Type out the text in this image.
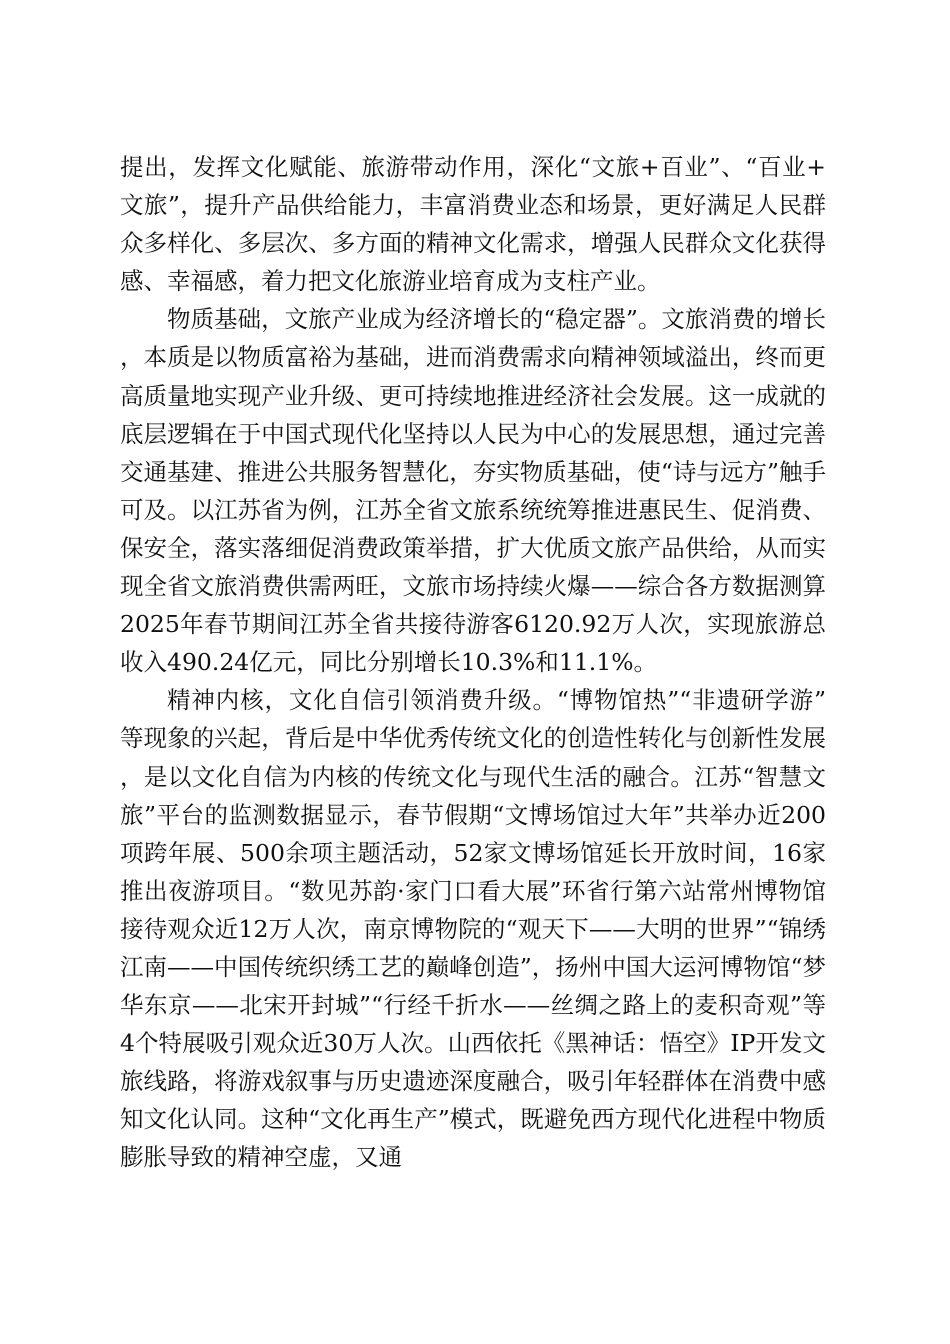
提出，发挥文化赋能、旅游带动作用，深化“文旅+百业”、“百业+文旅”，提升产品供给能力，丰富消费业态和场景，更好满足人民群众多样化、多层次、多方面的精神文化需求，增强人民群众文化获得感、幸福感，着力把文化旅游业培育成为支柱产业。

物质基础，文旅产业成为经济增长的“稳定器”。文旅消费的增长，本质是以物质富裕为基础，进而消费需求向精神领域溢出，终而更高质量地实现产业升级、更可持续地推进经济社会发展。这一成就的底层逻辑在于中国式现代化坚持以人民为中心的发展思想，通过完善交通基建、推进公共服务智慧化，夯实物质基础，使“诗与远方”触手可及。以江苏省为例，江苏全省文旅系统统筹推进惠民生、促消费、保安全，落实落细促消费政策举措，扩大优质文旅产品供给，从而实现全省文旅消费供需两旺，文旅市场持续火爆——综合各方数据测算2025年春节期间江苏全省共接待游客6120.92万人次，实现旅游总收入490.24亿元，同比分别增长10.3%和11.1%。

精神内核，文化自信引领消费升级。“博物馆热”“非遗研学游”等现象的兴起，背后是中华优秀传统文化的创造性转化与创新性发展，是以文化自信为内核的传统文化与现代生活的融合。江苏“智慧文旅”平台的监测数据显示，春节假期“文博场馆过大年”共举办近200项跨年展、500余项主题活动，52家文博场馆延长开放时间，16家推出夜游项目。“数见苏韵·家门口看大展”环省行第六站常州博物馆接待观众近12万人次，南京博物院的“观天下——大明的世界”“锦绣江南——中国传统织绣工艺的巅峰创造”，扬州中国大运河博物馆“梦华东京——北宋开封城”“行经千折水——丝绸之路上的麦积奇观”等4个特展吸引观众近30万人次。山西依托《黑神话：悟空》IP开发文旅线路，将游戏叙事与历史遗迹深度融合，吸引年轻群体在消费中感知文化认同。这种“文化再生产”模式，既避免西方现代化进程中物质膨胀导致的精神空虚，又通
